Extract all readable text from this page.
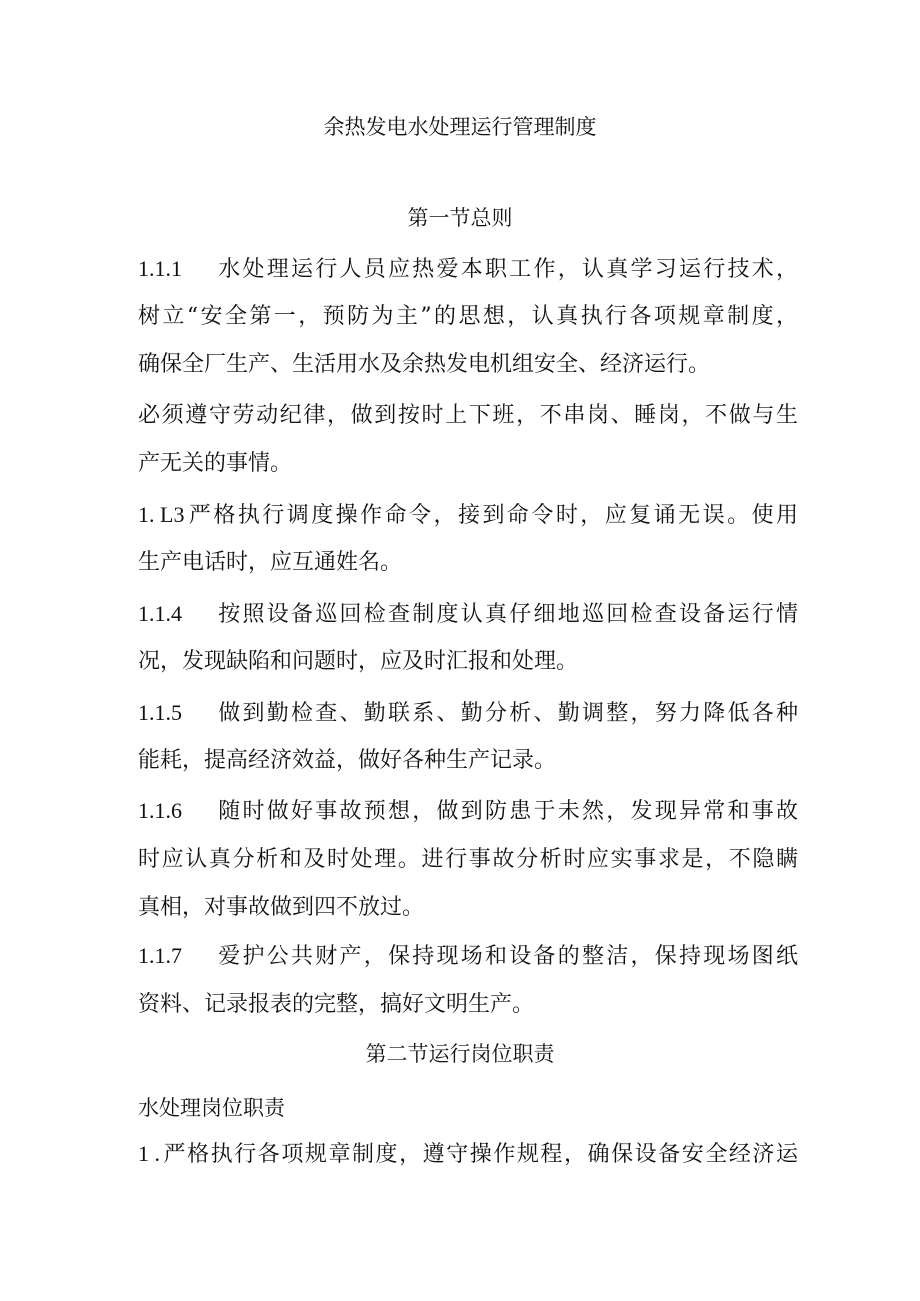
余热发电水处理运行管理制度
第一节总则
1.1.1 水处理运行人员应热爱本职工作，认真学习运行技术，
树立“安全第一，预防为主”的思想，认真执行各项规章制度，
确保全厂生产、生活用水及余热发电机组安全、经济运行。
必须遵守劳动纪律，做到按时上下班，不串岗、睡岗，不做与生
产无关的事情。
1. L3严格执行调度操作命令，接到命令时，应复诵无误。使用
生产电话时，应互通姓名。
1.1.4 按照设备巡回检查制度认真仔细地巡回检查设备运行情
况，发现缺陷和问题时，应及时汇报和处理。
1.1.5 做到勤检查、勤联系、勤分析、勤调整，努力降低各种
能耗，提高经济效益，做好各种生产记录。
1.1.6 随时做好事故预想，做到防患于未然，发现异常和事故
时应认真分析和及时处理。进行事故分析时应实事求是，不隐瞒
真相，对事故做到四不放过。
1.1.7 爱护公共财产，保持现场和设备的整洁，保持现场图纸
资料、记录报表的完整，搞好文明生产。
第二节运行岗位职责
水处理岗位职责
1 .严格执行各项规章制度，遵守操作规程，确保设备安全经济运
